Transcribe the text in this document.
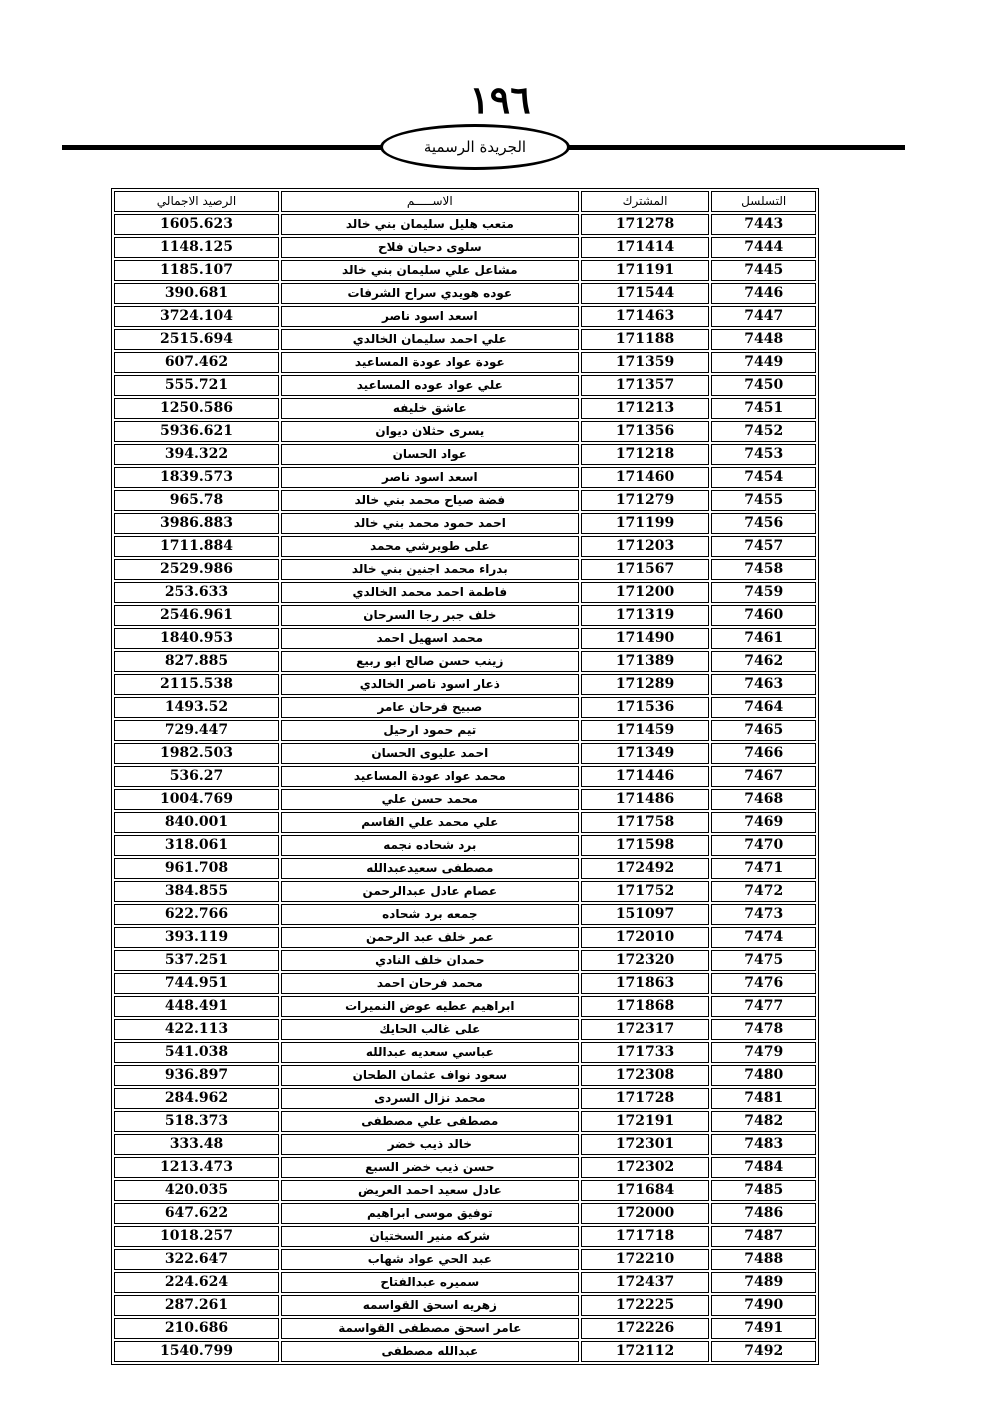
١٩٦
الجريدة الرسمية
التسلسل	المشترك	الاســـــم	الرصيد الاجمالي
7443	171278	متعب هليل سليمان بني خالد	1605.623
7444	171414	سلوى دحيان فلاح	1148.125
7445	171191	مشاعل علي سليمان بني خالد	1185.107
7446	171544	عوده هويدي سراح الشرفات	390.681
7447	171463	اسعد اسود ناصر	3724.104
7448	171188	علي احمد سليمان الخالدي	2515.694
7449	171359	عودة عواد عودة المساعيد	607.462
7450	171357	علي عواد عوده المساعيد	555.721
7451	171213	عاشق خليفه	1250.586
7452	171356	يسرى حثلان ديوان	5936.621
7453	171218	عواد الحسان	394.322
7454	171460	اسعد اسود ناصر	1839.573
7455	171279	فضة صياح محمد بني خالد	965.78
7456	171199	احمد حمود محمد بني خالد	3986.883
7457	171203	على طويرشي محمد	1711.884
7458	171567	بدراء محمد اجنين بني خالد	2529.986
7459	171200	فاطمة احمد محمد الخالدي	253.633
7460	171319	خلف جبر رجا السرحان	2546.961
7461	171490	محمد اسهيل احمد	1840.953
7462	171389	زينب حسن صالح ابو ربيع	827.885
7463	171289	ذعار اسود ناصر الخالدي	2115.538
7464	171536	صبيح فرحان عامر	1493.52
7465	171459	تيم حمود ارحيل	729.447
7466	171349	احمد عليوى الحسان	1982.503
7467	171446	محمد عواد عودة المساعيد	536.27
7468	171486	محمد حسن علي	1004.769
7469	171758	علي محمد علي القاسم	840.001
7470	171598	برد شحاده نجمه	318.061
7471	172492	مصطفى سعيدعبدالله	961.708
7472	171752	عصام عادل عبدالرحمن	384.855
7473	151097	جمعه برد شحاده	622.766
7474	172010	عمر خلف عبد الرحمن	393.119
7475	172320	حمدان خلف النادي	537.251
7476	171863	محمد فرحان احمد	744.951
7477	171868	ابراهيم عطيه عوض النميرات	448.491
7478	172317	على غالب الحايك	422.113
7479	171733	عباسي سعديه عبدالله	541.038
7480	172308	سعود نواف عثمان الطحان	936.897
7481	171728	محمد نزال السردى	284.962
7482	172191	مصطفى علي مصطفى	518.373
7483	172301	خالد ذيب خضر	333.48
7484	172302	حسن ذيب خضر السبع	1213.473
7485	171684	عادل سعيد احمد العريض	420.035
7486	172000	توفيق موسى ابراهيم	647.622
7487	171718	شركه منير السختيان	1018.257
7488	172210	عبد الحي عواد شهاب	322.647
7489	172437	سميره عبدالفتاح	224.624
7490	172225	زهريه اسحق القواسمه	287.261
7491	172226	عامر اسحق مصطفى القواسمة	210.686
7492	172112	عبدالله مصطفى	1540.799
